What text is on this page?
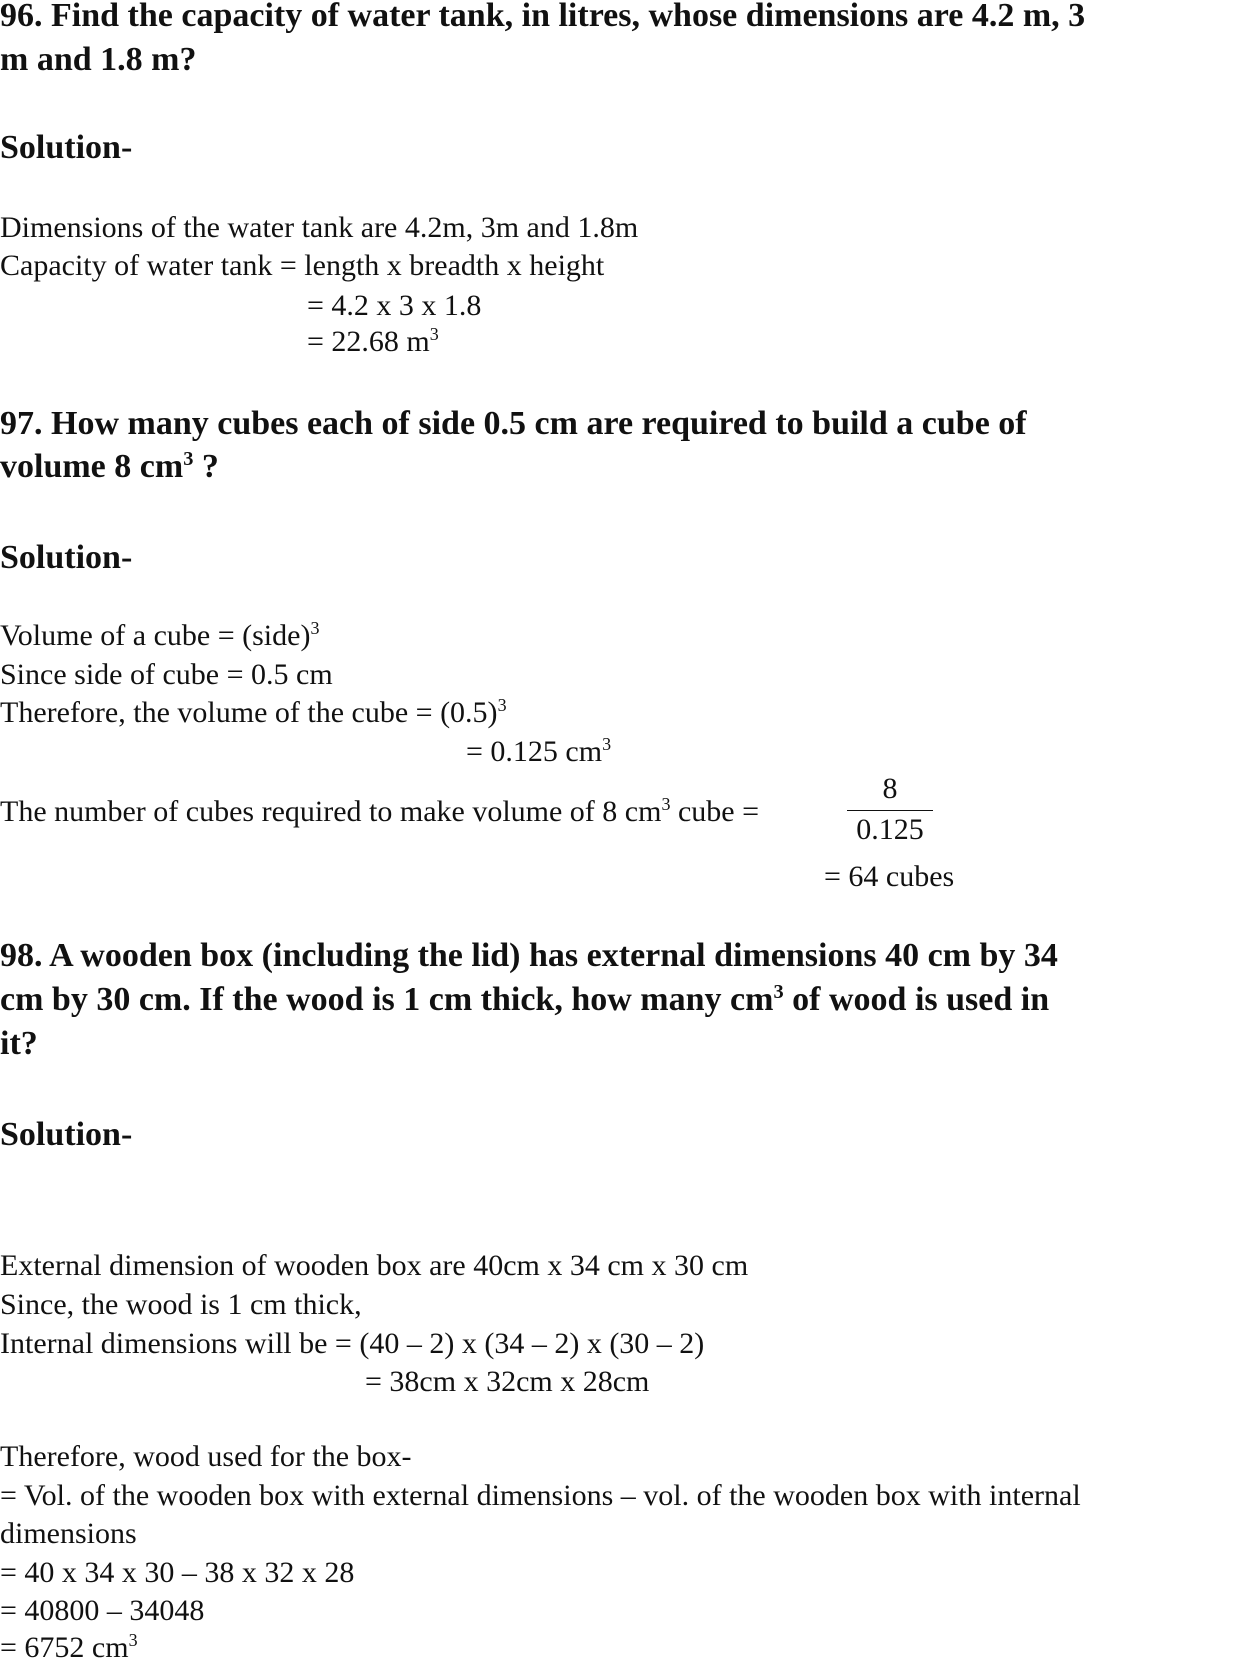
96. Find the capacity of water tank, in litres, whose dimensions are 4.2 m, 3
m and 1.8 m?
Solution-
Dimensions of the water tank are 4.2m, 3m and 1.8m
Capacity of water tank = length x breadth x height
= 4.2 x 3 x 1.8
= 22.68 $m^3$
97. How many cubes each of side 0.5 cm are required to build a cube of
volume 8 $cm^3$ ?
Solution-
Volume of a cube = (side)$^3$
Since side of cube = 0.5 cm
Therefore, the volume of the cube = $(0.5)^3$
= 0.125 $cm^3$
The number of cubes required to make volume of 8 $cm^3$ cube =
8
0.125
= 64 cubes
98. A wooden box (including the lid) has external dimensions 40 cm by 34
cm by 30 cm. If the wood is 1 cm thick, how many $cm^3$ of wood is used in
it?
Solution-
External dimension of wooden box are 40cm x 34 cm x 30 cm
Since, the wood is 1 cm thick,
Internal dimensions will be = (40 – 2) x (34 – 2) x (30 – 2)
= 38cm x 32cm x 28cm
Therefore, wood used for the box-
= Vol. of the wooden box with external dimensions – vol. of the wooden box with internal
dimensions
= 40 x 34 x 30 – 38 x 32 x 28
= 40800 – 34048
= 6752 $cm^3$
